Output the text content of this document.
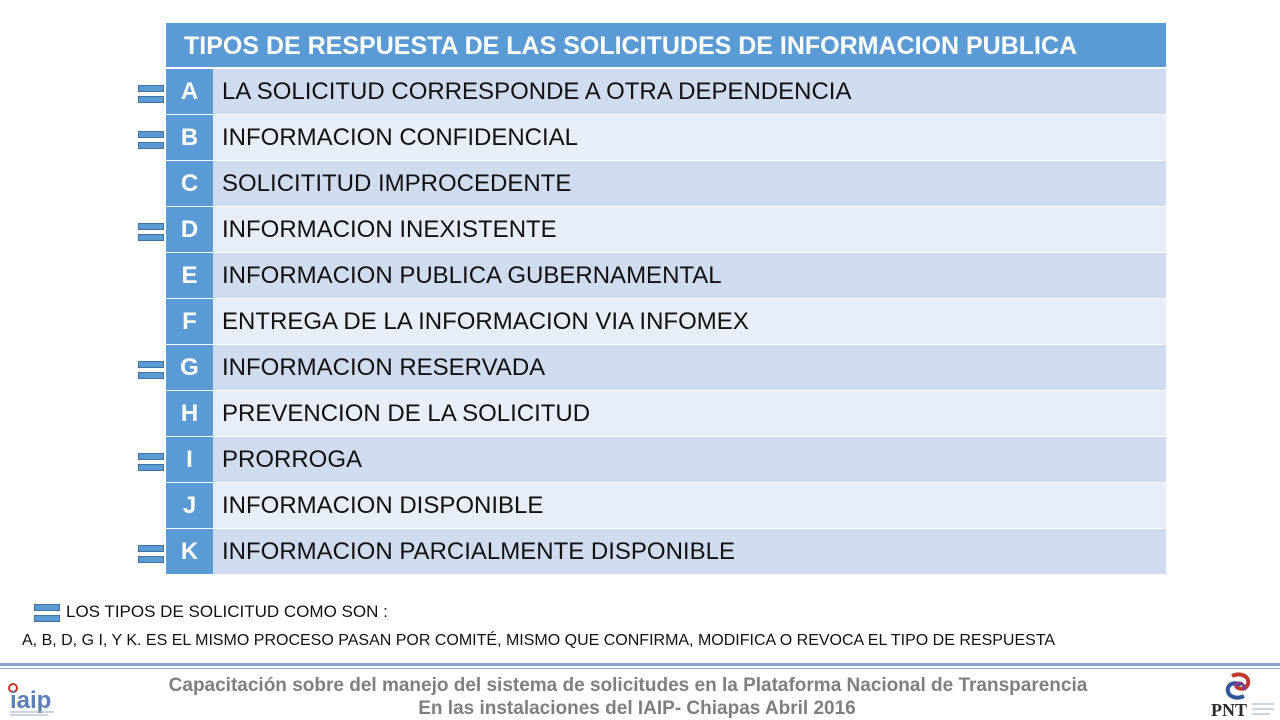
TIPOS DE RESPUESTA DE LAS SOLICITUDES DE INFORMACION PUBLICA
A LA SOLICITUD CORRESPONDE A OTRA DEPENDENCIA
B INFORMACION CONFIDENCIAL
C SOLICITITUD IMPROCEDENTE
D INFORMACION INEXISTENTE
E	INFORMACION PUBLICA GUBERNAMENTAL
F	ENTREGA DE LA INFORMACION VIA INFOMEX
G INFORMACION RESERVADA
H PREVENCION DE LA SOLICITUD
I	PRORROGA
J	INFORMACION DISPONIBLE
K INFORMACION PARCIALMENTE DISPONIBLE
LOS TIPOS DE SOLICITUD COMO SON :
A, B, D, G I, Y K. ES EL MISMO PROCESO PASAN POR COMITÉ, MISMO QUE CONFIRMA, MODIFICA O REVOCA EL TIPO DE RESPUESTA
iaip
Capacitación sobre del manejo del sistema de solicitudes en la Plataforma Nacional de Transparencia
En las instalaciones del IAIP- Chiapas Abril 2016	PNT
